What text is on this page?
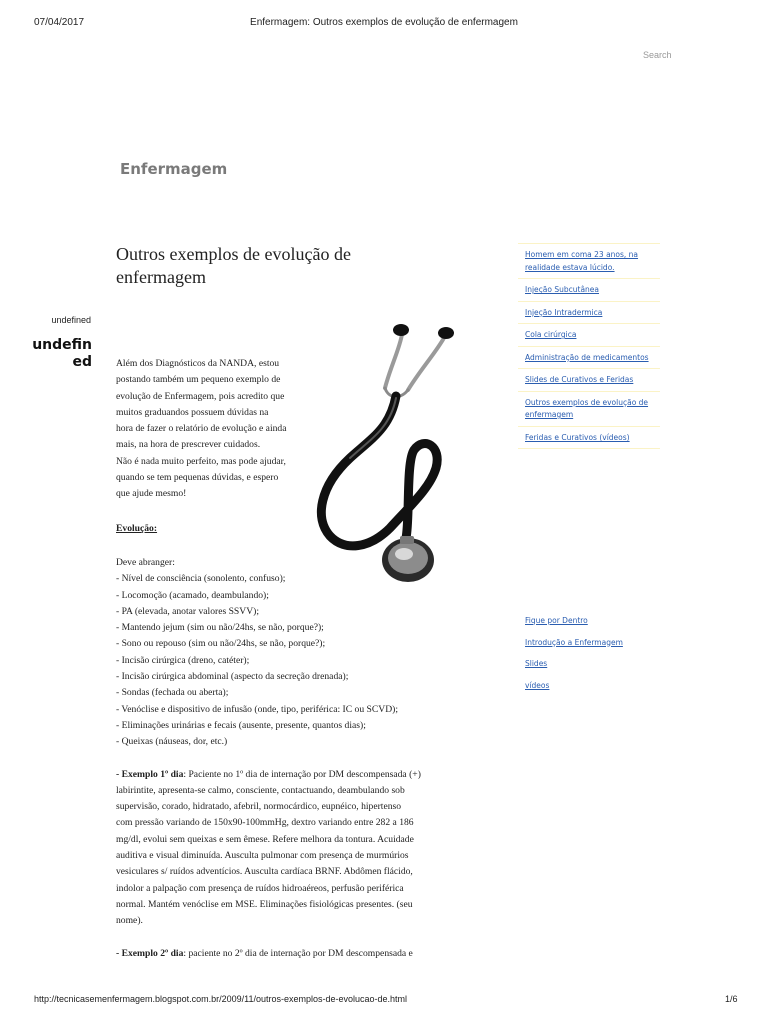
07/04/2017	Enfermagem: Outros exemplos de evolução de enfermagem
Search
Enfermagem
undefined
undefined
Outros exemplos de evolução de enfermagem

Além dos Diagnósticos da NANDA, estou

postando também um pequeno exemplo de

evolução de Enfermagem, pois acredito que

muitos graduandos possuem dúvidas na

hora de fazer o relatório de evolução e ainda

mais, na hora de prescrever cuidados.

Não é nada muito perfeito, mas pode ajudar,

quando se tem pequenas dúvidas, e espero

que ajude mesmo!

Evolução:

Deve abranger:

- Nível de consciência (sonolento, confuso);

- Locomoção (acamado, deambulando);

- PA (elevada, anotar valores SSVV);

- Mantendo jejum (sim ou não/24hs, se não, porque?);

- Sono ou repouso (sim ou não/24hs, se não, porque?);

- Incisão cirúrgica (dreno, catéter);

- Incisão cirúrgica abdominal (aspecto da secreção drenada);

- Sondas (fechada ou aberta);

- Venóclise e dispositivo de infusão (onde, tipo, periférica: IC ou SCVD);

- Eliminações urinárias e fecais (ausente, presente, quantos dias);

- Queixas (náuseas, dor, etc.)

- Exemplo 1º dia: Paciente no 1º dia de internação por DM descompensada (+)

labirintite, apresenta-se calmo, consciente, contactuando, deambulando sob

supervisão, corado, hidratado, afebril, normocárdico, eupnéico, hipertenso

com pressão variando de 150x90-100mmHg, dextro variando entre 282 a 186

mg/dl, evolui sem queixas e sem êmese. Refere melhora da tontura. Acuidade

auditiva e visual diminuída. Ausculta pulmonar com presença de murmúrios

vesiculares s/ ruídos adventícios. Ausculta cardíaca BRNF. Abdômen flácido,

indolor a palpação com presença de ruídos hidroaéreos, perfusão periférica

normal. Mantém venóclise em MSE. Eliminações fisiológicas presentes. (seu

nome).

- Exemplo 2º dia: paciente no 2º dia de internação por DM descompensada e

Homem em coma 23 anos, na realidade estava lúcido.
Injeção Subcutânea
Injeção Intradermica
Cola cirúrgica
Administração de medicamentos
Slides de Curativos e Feridas
Outros exemplos de evolução de enfermagem
Feridas e Curativos (vídeos)
Fique por Dentro
Introdução a Enfermagem
Slides
vídeos
http://tecnicasemenfermagem.blogspot.com.br/2009/11/outros-exemplos-de-evolucao-de.html	1/6
